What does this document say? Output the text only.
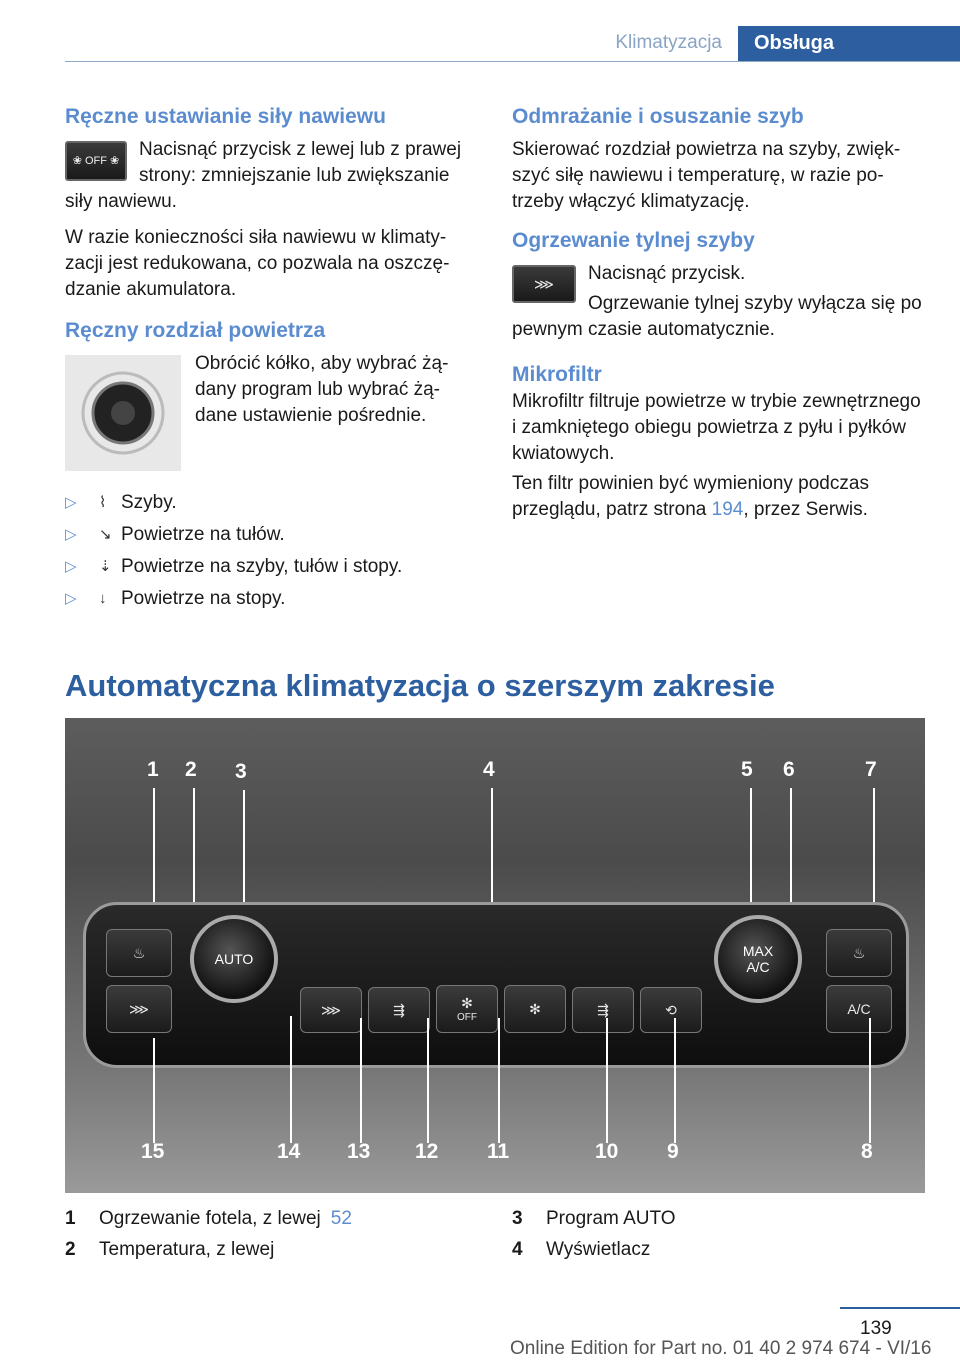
Klimatyzacja	Obsługa
Ręczne ustawianie siły nawiewu

❀ OFF ❀
Nacisnąć przycisk z lewej lub z prawej strony: zmniejszanie lub zwiększanie siły nawiewu.

W razie konieczności siła nawiewu w klimatyzacji jest redukowana, co pozwala na oszczędzanie akumulatora.

Ręczny rozdział powietrza

Obrócić kółko, aby wybrać żądany program lub wybrać żądane ustawienie pośrednie.

▷	⌇ Szyby.
▷	↘ Powietrze na tułów.
▷	⇣ Powietrze na szyby, tułów i stopy.
▷	↓ Powietrze na stopy.
Odmrażanie i osuszanie szyb

Skierować rozdział powietrza na szyby, zwiększyć siłę nawiewu i temperaturę, w razie potrzeby włączyć klimatyzację.

Ogrzewanie tylnej szyby

⋙	Nacisnąć przycisk.

Ogrzewanie tylnej szyby wyłącza się po pewnym czasie automatycznie.

Mikrofiltr

Mikrofiltr filtruje powietrze w trybie zewnętrznego i zamkniętego obiegu powietrza z pyłu i pyłków kwiatowych.

Ten filtr powinien być wymieniony podczas przeglądu, patrz strona 194, przez Serwis.

Automatyczna klimatyzacja o szerszym zakresie
1 2 3	4	5 6	7
♨
⋙
AUTO
⋙	⇶	✻
OFF
✻	⇶	⟲
MAX
A/C
♨
A/C
15	14 13 12 11	10 9	8
1 Ogrzewanie fotela, z lewej 52
2 Temperatura, z lewej
3 Program AUTO
4 Wyświetlacz
139
Online Edition for Part no. 01 40 2 974 674 - VI/16
